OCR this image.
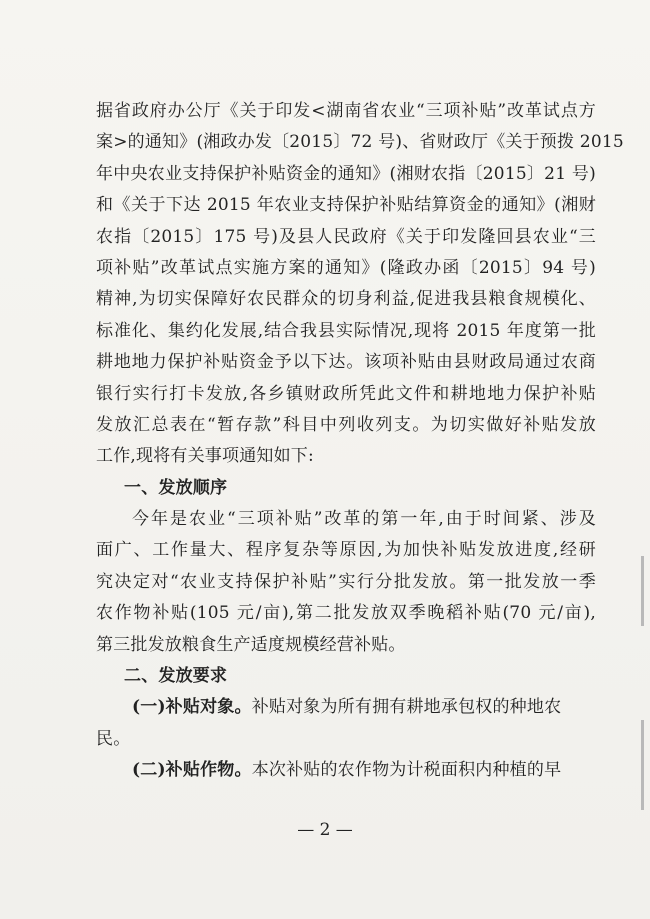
据省政府办公厅《关于印发<湖南省农业“三项补贴”改革试点方
案>的通知》(湘政办发〔2015〕72 号)、省财政厅《关于预拨 2015
年中央农业支持保护补贴资金的通知》(湘财农指〔2015〕21 号)
和《关于下达 2015 年农业支持保护补贴结算资金的通知》(湘财
农指〔2015〕175 号)及县人民政府《关于印发隆回县农业“三
项补贴”改革试点实施方案的通知》(隆政办函〔2015〕94 号)
精神,为切实保障好农民群众的切身利益,促进我县粮食规模化、
标准化、集约化发展,结合我县实际情况,现将 2015 年度第一批
耕地地力保护补贴资金予以下达。该项补贴由县财政局通过农商
银行实行打卡发放,各乡镇财政所凭此文件和耕地地力保护补贴
发放汇总表在“暂存款”科目中列收列支。为切实做好补贴发放
工作,现将有关事项通知如下:
一、发放顺序
今年是农业“三项补贴”改革的第一年,由于时间紧、涉及
面广、工作量大、程序复杂等原因,为加快补贴发放进度,经研
究决定对“农业支持保护补贴”实行分批发放。第一批发放一季
农作物补贴(105 元/亩),第二批发放双季晚稻补贴(70 元/亩),
第三批发放粮食生产适度规模经营补贴。
二、发放要求
(一)补贴对象。补贴对象为所有拥有耕地承包权的种地农
民。
(二)补贴作物。本次补贴的农作物为计税面积内种植的早
— 2 —
